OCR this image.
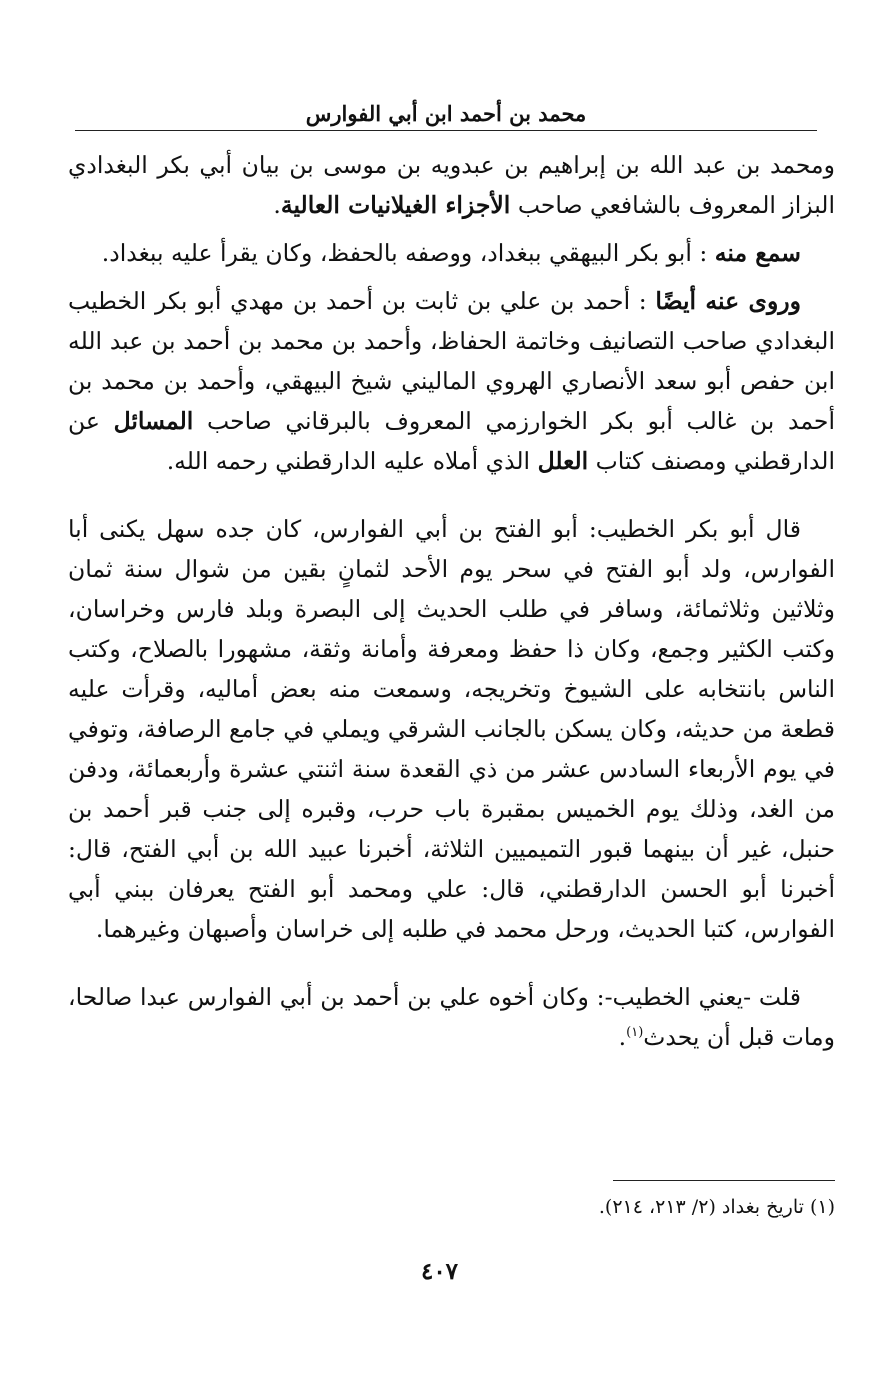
محمد بن أحمد ابن أبي الفوارس

ومحمد بن عبد الله بن إبراهيم بن عبدويه بن موسى بن بيان أبي بكر البغدادي البزاز المعروف بالشافعي صاحب الأجزاء الغيلانيات العالية.

سمع منه : أبو بكر البيهقي ببغداد، ووصفه بالحفظ، وكان يقرأ عليه ببغداد.

وروى عنه أيضًا : أحمد بن علي بن ثابت بن أحمد بن مهدي أبو بكر الخطيب البغدادي صاحب التصانيف وخاتمة الحفاظ، وأحمد بن محمد بن أحمد بن عبد الله ابن حفص أبو سعد الأنصاري الهروي الماليني شيخ البيهقي، وأحمد بن محمد بن أحمد بن غالب أبو بكر الخوارزمي المعروف بالبرقاني صاحب المسائل عن الدارقطني ومصنف كتاب العلل الذي أملاه عليه الدارقطني رحمه الله.

قال أبو بكر الخطيب: أبو الفتح بن أبي الفوارس، كان جده سهل يكنى أبا الفوارس، ولد أبو الفتح في سحر يوم الأحد لثمانٍ بقين من شوال سنة ثمان وثلاثين وثلاثمائة، وسافر في طلب الحديث إلى البصرة وبلد فارس وخراسان، وكتب الكثير وجمع، وكان ذا حفظ ومعرفة وأمانة وثقة، مشهورا بالصلاح، وكتب الناس بانتخابه على الشيوخ وتخريجه، وسمعت منه بعض أماليه، وقرأت عليه قطعة من حديثه، وكان يسكن بالجانب الشرقي ويملي في جامع الرصافة، وتوفي في يوم الأربعاء السادس عشر من ذي القعدة سنة اثنتي عشرة وأربعمائة، ودفن من الغد، وذلك يوم الخميس بمقبرة باب حرب، وقبره إلى جنب قبر أحمد بن حنبل، غير أن بينهما قبور التميميين الثلاثة، أخبرنا عبيد الله بن أبي الفتح، قال: أخبرنا أبو الحسن الدارقطني، قال: علي ومحمد أبو الفتح يعرفان ببني أبي الفوارس، كتبا الحديث، ورحل محمد في طلبه إلى خراسان وأصبهان وغيرهما.

قلت -يعني الخطيب-: وكان أخوه علي بن أحمد بن أبي الفوارس عبدا صالحا، ومات قبل أن يحدث$^{(١)}$.

(١) تاريخ بغداد (٢/ ٢١٣، ٢١٤).
٤٠٧
